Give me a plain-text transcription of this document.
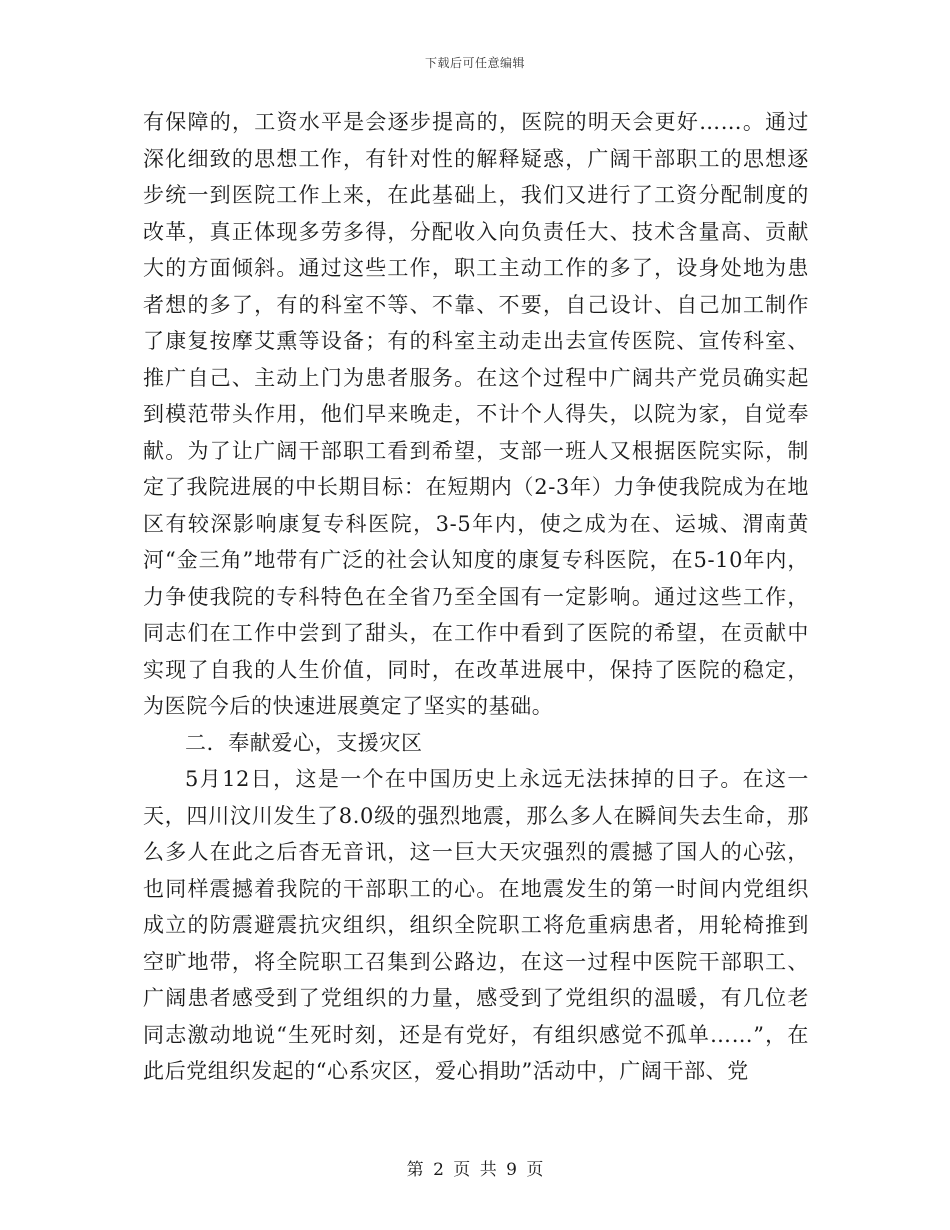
下载后可任意编辑

有保障的，工资水平是会逐步提高的，医院的明天会更好……。通过深化细致的思想工作，有针对性的解释疑惑，广阔干部职工的思想逐步统一到医院工作上来，在此基础上，我们又进行了工资分配制度的改革，真正体现多劳多得，分配收入向负责任大、技术含量高、贡献大的方面倾斜。通过这些工作，职工主动工作的多了，设身处地为患者想的多了，有的科室不等、不靠、不要，自己设计、自己加工制作了康复按摩艾熏等设备；有的科室主动走出去宣传医院、宣传科室、推广自己、主动上门为患者服务。在这个过程中广阔共产党员确实起到模范带头作用，他们早来晚走，不计个人得失，以院为家，自觉奉献。为了让广阔干部职工看到希望，支部一班人又根据医院实际，制定了我院进展的中长期目标：在短期内（2-3年）力争使我院成为在地区有较深影响康复专科医院，3-5年内，使之成为在、运城、渭南黄河“金三角”地带有广泛的社会认知度的康复专科医院，在5-10年内，力争使我院的专科特色在全省乃至全国有一定影响。通过这些工作，同志们在工作中尝到了甜头，在工作中看到了医院的希望，在贡献中实现了自我的人生价值，同时，在改革进展中，保持了医院的稳定，为医院今后的快速进展奠定了坚实的基础。

二．奉献爱心，支援灾区

5月12日，这是一个在中国历史上永远无法抹掉的日子。在这一天，四川汶川发生了8.0级的强烈地震，那么多人在瞬间失去生命，那么多人在此之后杳无音讯，这一巨大天灾强烈的震撼了国人的心弦，也同样震撼着我院的干部职工的心。在地震发生的第一时间内党组织成立的防震避震抗灾组织，组织全院职工将危重病患者，用轮椅推到空旷地带，将全院职工召集到公路边，在这一过程中医院干部职工、广阔患者感受到了党组织的力量，感受到了党组织的温暖，有几位老同志激动地说“生死时刻，还是有党好，有组织感觉不孤单……”，在此后党组织发起的“心系灾区，爱心捐助”活动中，广阔干部、党

第 2 页 共 9 页
